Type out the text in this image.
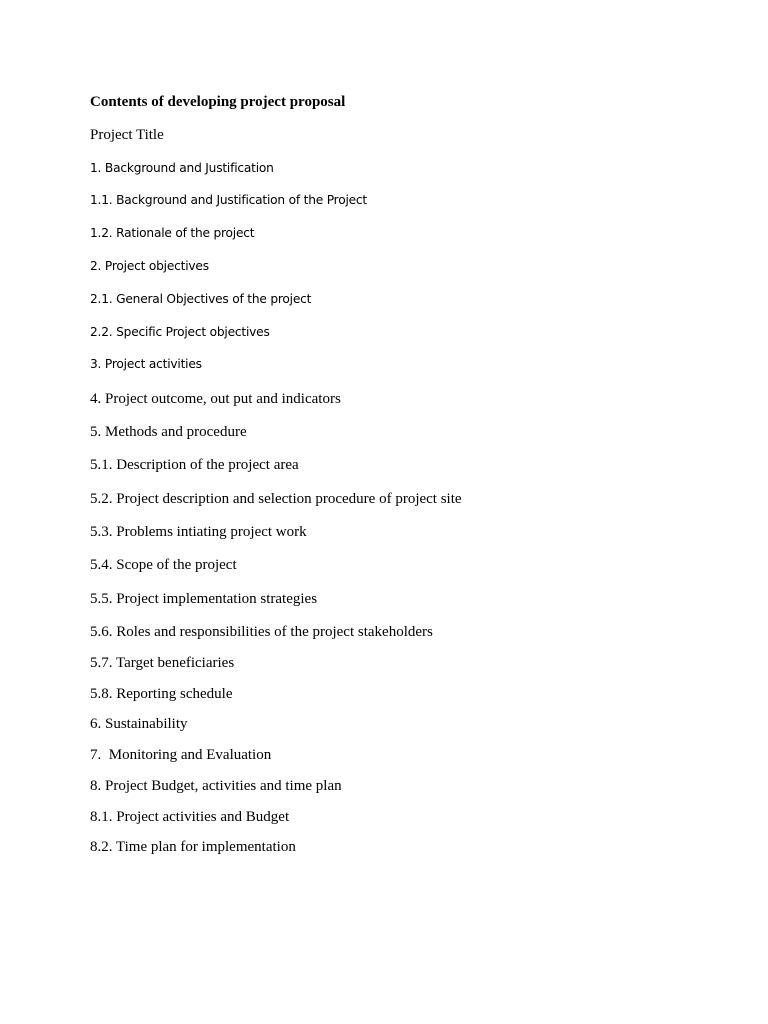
Contents of developing project proposal
Project Title
1. Background and Justification
1.1. Background and Justification of the Project
1.2. Rationale of the project
2. Project objectives
2.1. General Objectives of the project
2.2. Specific Project objectives
3. Project activities
4. Project outcome, out put and indicators
5. Methods and procedure
5.1. Description of the project area
5.2. Project description and selection procedure of project site
5.3. Problems intiating project work
5.4. Scope of the project
5.5. Project implementation strategies
5.6. Roles and responsibilities of the project stakeholders
5.7. Target beneficiaries
5.8. Reporting schedule
6. Sustainability
7.  Monitoring and Evaluation
8. Project Budget, activities and time plan
8.1. Project activities and Budget
8.2. Time plan for implementation
